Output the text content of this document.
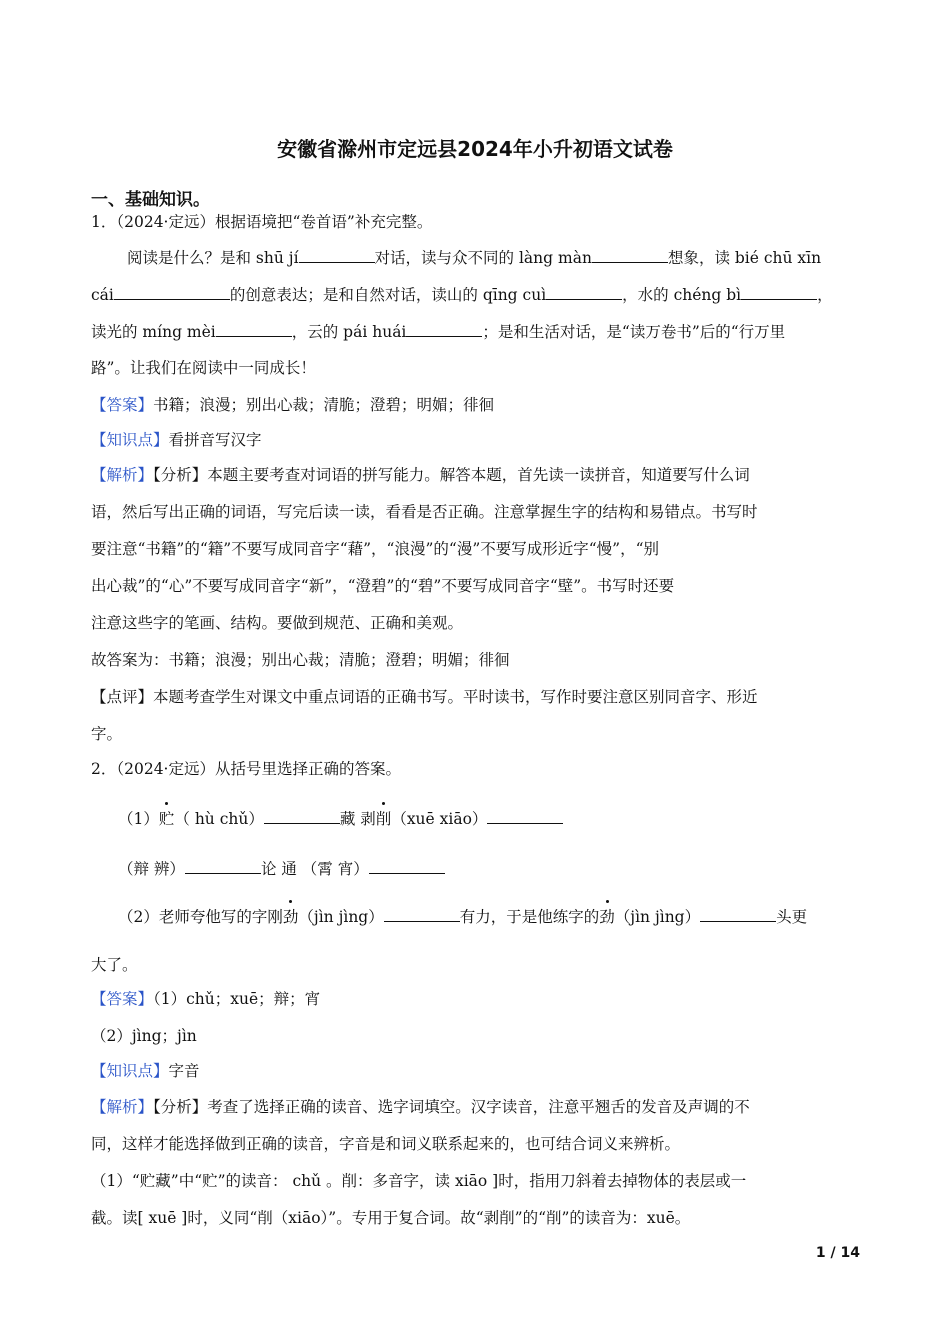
安徽省滁州市定远县2024年小升初语文试卷
一、基础知识。
1．（2024·定远）根据语境把“卷首语”补充完整。
阅读是什么？是和 shū jí	对话，读与众不同的 làng màn	想象，读 bié chū xīn
cái	的创意表达；是和自然对话，读山的 qīng cuì	，水的 chéng bì	，
读光的 míng mèi	，云的 pái huái	；是和生活对话，是“读万卷书”后的“行万里
路”。让我们在阅读中一同成长！
【答案】书籍；浪漫；别出心裁；清脆；澄碧；明媚；徘徊
【知识点】看拼音写汉字
【解析】【分析】本题主要考查对词语的拼写能力。解答本题，首先读一读拼音，知道要写什么词
语，然后写出正确的词语，写完后读一读，看看是否正确。注意掌握生字的结构和易错点。书写时
要注意“书籍”的“籍”不要写成同音字“藉”，“浪漫”的“漫”不要写成形近字“慢”，“别
出心裁”的“心”不要写成同音字“新”，“澄碧”的“碧”不要写成同音字“壁”。书写时还要
注意这些字的笔画、结构。要做到规范、正确和美观。
故答案为：书籍；浪漫；别出心裁；清脆；澄碧；明媚；徘徊
【点评】本题考查学生对课文中重点词语的正确书写。平时读书，写作时要注意区别同音字、形近
字。
2．（2024·定远）从括号里选择正确的答案。
（1）贮（ hù chǔ）	藏 剥削（xuē xiāo）
（辩 辨）	论 通 （霄 宵）
（2）老师夸他写的字刚劲（jìn jìng）	有力，于是他练字的劲（jìn jìng）	头更
大了。
【答案】（1）chǔ；xuē；辩；宵
（2）jìng；jìn
【知识点】字音
【解析】【分析】考查了选择正确的读音、选字词填空。汉字读音，注意平翘舌的发音及声调的不
同，这样才能选择做到正确的读音，字音是和词义联系起来的，也可结合词义来辨析。
（1）“贮藏”中“贮”的读音： chǔ 。削：多音字，读 xiāo ]时，指用刀斜着去掉物体的表层或一
截。读[ xuē ]时，义同“削（xiāo）”。专用于复合词。故“剥削”的“削”的读音为：xuē。
1 / 14
